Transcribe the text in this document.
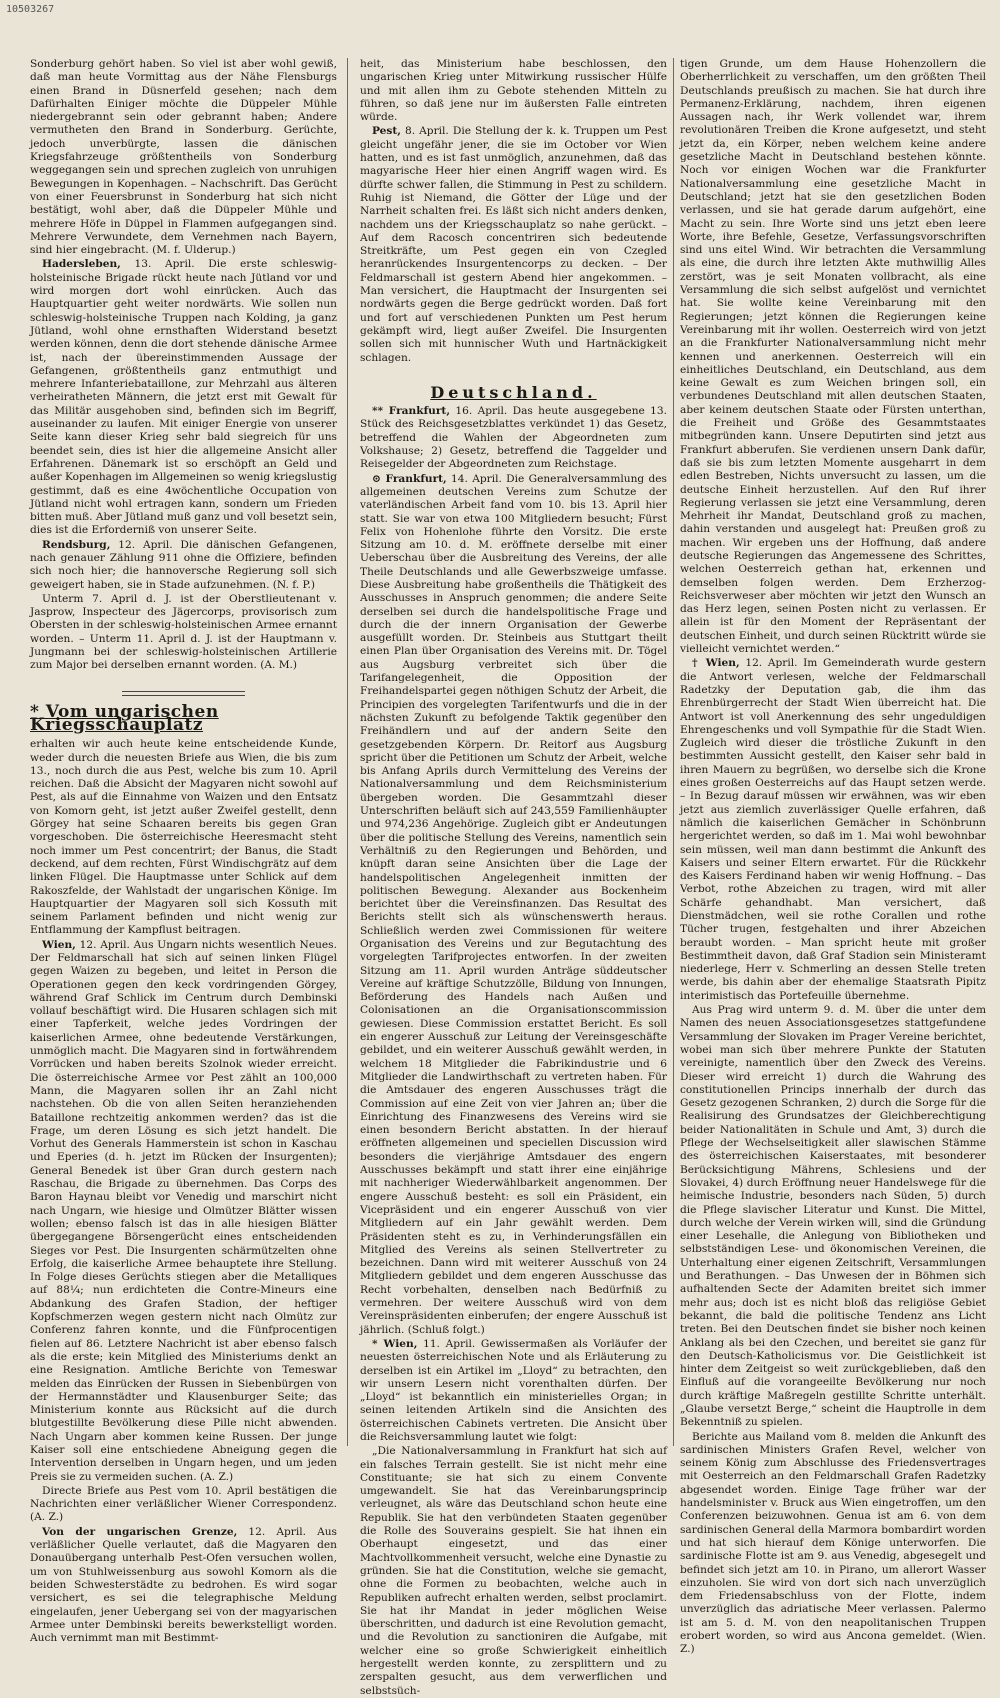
10503267

Sonderburg gehört haben. So viel ist aber wohl gewiß, daß man heute Vormittag aus der Nähe Flensburgs einen Brand in Düsnerfeld gesehen; nach dem Dafürhalten Einiger möchte die Düppeler Mühle niedergebrannt sein oder gebrannt haben; Andere vermutheten den Brand in Sonderburg. Gerüchte, jedoch unverbürgte, lassen die dänischen Kriegsfahrzeuge größtentheils von Sonderburg weggegangen sein und sprechen zugleich von unruhigen Bewegungen in Kopenhagen. – Nachschrift. Das Gerücht von einer Feuersbrunst in Sonderburg hat sich nicht bestätigt, wohl aber, daß die Düppeler Mühle und mehrere Höfe in Düppel in Flammen aufgegangen sind. Mehrere Verwundete, dem Vernehmen nach Bayern, sind hier eingebracht. (M. f. Ulderup.)

Hadersleben, 13. April. Die erste schleswig-holsteinische Brigade rückt heute nach Jütland vor und wird morgen dort wohl einrücken. Auch das Hauptquartier geht weiter nordwärts. Wie sollen nun schleswig-holsteinische Truppen nach Kolding, ja ganz Jütland, wohl ohne ernsthaften Widerstand besetzt werden können, denn die dort stehende dänische Armee ist, nach der übereinstimmenden Aussage der Gefangenen, größtentheils ganz entmuthigt und mehrere Infanteriebataillone, zur Mehrzahl aus älteren verheiratheten Männern, die jetzt erst mit Gewalt für das Militär ausgehoben sind, befinden sich im Begriff, auseinander zu laufen. Mit einiger Energie von unserer Seite kann dieser Krieg sehr bald siegreich für uns beendet sein, dies ist hier die allgemeine Ansicht aller Erfahrenen. Dänemark ist so erschöpft an Geld und außer Kopenhagen im Allgemeinen so wenig kriegslustig gestimmt, daß es eine 4wöchentliche Occupation von Jütland nicht wohl ertragen kann, sondern um Frieden bitten muß. Aber Jütland muß ganz und voll besetzt sein, dies ist die Erforderniß von unserer Seite.

Rendsburg, 12. April. Die dänischen Gefangenen, nach genauer Zählung 911 ohne die Offiziere, befinden sich noch hier; die hannoversche Regierung soll sich geweigert haben, sie in Stade aufzunehmen. (N. f. P.)

Unterm 7. April d. J. ist der Oberstlieutenant v. Jasprow, Inspecteur des Jägercorps, provisorisch zum Obersten in der schleswig-holsteinischen Armee ernannt worden. – Unterm 11. April d. J. ist der Hauptmann v. Jungmann bei der schleswig-holsteinischen Artillerie zum Major bei derselben ernannt worden. (A. M.)

* Vom ungarischen Kriegsschauplatz

erhalten wir auch heute keine entscheidende Kunde, weder durch die neuesten Briefe aus Wien, die bis zum 13., noch durch die aus Pest, welche bis zum 10. April reichen. Daß die Absicht der Magyaren nicht sowohl auf Pest, als auf die Einnahme von Waizen und den Entsatz von Komorn geht, ist jetzt außer Zweifel gestellt, denn Görgey hat seine Schaaren bereits bis gegen Gran vorgeschoben. Die österreichische Heeresmacht steht noch immer um Pest concentrirt; der Banus, die Stadt deckend, auf dem rechten, Fürst Windischgrätz auf dem linken Flügel. Die Hauptmasse unter Schlick auf dem Rakoszfelde, der Wahlstadt der ungarischen Könige. Im Hauptquartier der Magyaren soll sich Kossuth mit seinem Parlament befinden und nicht wenig zur Entflammung der Kampflust beitragen.

Wien, 12. April. Aus Ungarn nichts wesentlich Neues. Der Feldmarschall hat sich auf seinen linken Flügel gegen Waizen zu begeben, und leitet in Person die Operationen gegen den keck vordringenden Görgey, während Graf Schlick im Centrum durch Dembinski vollauf beschäftigt wird. Die Husaren schlagen sich mit einer Tapferkeit, welche jedes Vordringen der kaiserlichen Armee, ohne bedeutende Verstärkungen, unmöglich macht. Die Magyaren sind in fortwährendem Vorrücken und haben bereits Szolnok wieder erreicht. Die österreichische Armee vor Pest zählt an 100,000 Mann, die Magyaren sollen ihr an Zahl nicht nachstehen. Ob die von allen Seiten heranziehenden Bataillone rechtzeitig ankommen werden? das ist die Frage, um deren Lösung es sich jetzt handelt. Die Vorhut des Generals Hammerstein ist schon in Kaschau und Eperies (d. h. jetzt im Rücken der Insurgenten); General Benedek ist über Gran durch gestern nach Raschau, die Brigade zu übernehmen. Das Corps des Baron Haynau bleibt vor Venedig und marschirt nicht nach Ungarn, wie hiesige und Olmützer Blätter wissen wollen; ebenso falsch ist das in alle hiesigen Blätter übergegangene Börsengerücht eines entscheidenden Sieges vor Pest. Die Insurgenten schärmützelten ohne Erfolg, die kaiserliche Armee behauptete ihre Stellung. In Folge dieses Gerüchts stiegen aber die Metalliques auf 88¼; nun erdichteten die Contre-Mineurs eine Abdankung des Grafen Stadion, der heftiger Kopfschmerzen wegen gestern nicht nach Olmütz zur Conferenz fahren konnte, und die Fünfprocentigen fielen auf 86. Letztere Nachricht ist aber ebenso falsch als die erste; kein Mitglied des Ministeriums denkt an eine Resignation. Amtliche Berichte von Temeswar melden das Einrücken der Russen in Siebenbürgen von der Hermannstädter und Klausenburger Seite; das Ministerium konnte aus Rücksicht auf die durch blutgestillte Bevölkerung diese Pille nicht abwenden. Nach Ungarn aber kommen keine Russen. Der junge Kaiser soll eine entschiedene Abneigung gegen die Intervention derselben in Ungarn hegen, und um jeden Preis sie zu vermeiden suchen. (A. Z.)

Directe Briefe aus Pest vom 10. April bestätigen die Nachrichten einer verläßlicher Wiener Correspondenz. (A. Z.)

Von der ungarischen Grenze, 12. April. Aus verläßlicher Quelle verlautet, daß die Magyaren den Donauübergang unterhalb Pest-Ofen versuchen wollen, um von Stuhlweissenburg aus sowohl Komorn als die beiden Schwesterstädte zu bedrohen. Es wird sogar versichert, es sei die telegraphische Meldung eingelaufen, jener Uebergang sei von der magyarischen Armee unter Dembinski bereits bewerkstelligt worden. Auch vernimmt man mit Bestimmt-

heit, das Ministerium habe beschlossen, den ungarischen Krieg unter Mitwirkung russischer Hülfe und mit allen ihm zu Gebote stehenden Mitteln zu führen, so daß jene nur im äußersten Falle eintreten würde.

Pest, 8. April. Die Stellung der k. k. Truppen um Pest gleicht ungefähr jener, die sie im October vor Wien hatten, und es ist fast unmöglich, anzunehmen, daß das magyarische Heer hier einen Angriff wagen wird. Es dürfte schwer fallen, die Stimmung in Pest zu schildern. Ruhig ist Niemand, die Götter der Lüge und der Narrheit schalten frei. Es läßt sich nicht anders denken, nachdem uns der Kriegsschauplatz so nahe gerückt. – Auf dem Racosch concentriren sich bedeutende Streitkräfte, um Pest gegen ein von Czegled heranrückendes Insurgentencorps zu decken. – Der Feldmarschall ist gestern Abend hier angekommen. – Man versichert, die Hauptmacht der Insurgenten sei nordwärts gegen die Berge gedrückt worden. Daß fort und fort auf verschiedenen Punkten um Pest herum gekämpft wird, liegt außer Zweifel. Die Insurgenten sollen sich mit hunnischer Wuth und Hartnäckigkeit schlagen.

Deutschland.

** Frankfurt, 16. April. Das heute ausgegebene 13. Stück des Reichsgesetzblattes verkündet 1) das Gesetz, betreffend die Wahlen der Abgeordneten zum Volkshause; 2) Gesetz, betreffend die Taggelder und Reisegelder der Abgeordneten zum Reichstage.

⊙ Frankfurt, 14. April. Die Generalversammlung des allgemeinen deutschen Vereins zum Schutze der vaterländischen Arbeit fand vom 10. bis 13. April hier statt. Sie war von etwa 100 Mitgliedern besucht; Fürst Felix von Hohenlohe führte den Vorsitz. Die erste Sitzung am 10. d. M. eröffnete derselbe mit einer Ueberschau über die Ausbreitung des Vereins, der alle Theile Deutschlands und alle Gewerbszweige umfasse. Diese Ausbreitung habe großentheils die Thätigkeit des Ausschusses in Anspruch genommen; die andere Seite derselben sei durch die handelspolitische Frage und durch die der innern Organisation der Gewerbe ausgefüllt worden. Dr. Steinbeis aus Stuttgart theilt einen Plan über Organisation des Vereins mit. Dr. Tögel aus Augsburg verbreitet sich über die Tarifangelegenheit, die Opposition der Freihandelspartei gegen nöthigen Schutz der Arbeit, die Principien des vorgelegten Tarifentwurfs und die in der nächsten Zukunft zu befolgende Taktik gegenüber den Freihändlern und auf der andern Seite den gesetzgebenden Körpern. Dr. Reitorf aus Augsburg spricht über die Petitionen um Schutz der Arbeit, welche bis Anfang Aprils durch Vermittelung des Vereins der Nationalversammlung und dem Reichsministerium übergeben worden. Die Gesammtzahl dieser Unterschriften beläuft sich auf 243,559 Familienhäupter und 974,236 Angehörige. Zugleich gibt er Andeutungen über die politische Stellung des Vereins, namentlich sein Verhältniß zu den Regierungen und Behörden, und knüpft daran seine Ansichten über die Lage der handelspolitischen Angelegenheit inmitten der politischen Bewegung. Alexander aus Bockenheim berichtet über die Vereinsfinanzen. Das Resultat des Berichts stellt sich als wünschenswerth heraus. Schließlich werden zwei Commissionen für weitere Organisation des Vereins und zur Begutachtung des vorgelegten Tarifprojectes entworfen. In der zweiten Sitzung am 11. April wurden Anträge süddeutscher Vereine auf kräftige Schutzzölle, Bildung von Innungen, Beförderung des Handels nach Außen und Colonisationen an die Organisationscommission gewiesen. Diese Commission erstattet Bericht. Es soll ein engerer Ausschuß zur Leitung der Vereinsgeschäfte gebildet, und ein weiterer Ausschuß gewählt werden, in welchem 18 Mitglieder die Fabrikindustrie und 6 Mitglieder die Landwirthschaft zu vertreten haben. Für die Amtsdauer des engeren Ausschusses trägt die Commission auf eine Zeit von vier Jahren an; über die Einrichtung des Finanzwesens des Vereins wird sie einen besondern Bericht abstatten. In der hierauf eröffneten allgemeinen und speciellen Discussion wird besonders die vierjährige Amtsdauer des engern Ausschusses bekämpft und statt ihrer eine einjährige mit nachheriger Wiederwählbarkeit angenommen. Der engere Ausschuß besteht: es soll ein Präsident, ein Vicepräsident und ein engerer Ausschuß von vier Mitgliedern auf ein Jahr gewählt werden. Dem Präsidenten steht es zu, in Verhinderungsfällen ein Mitglied des Vereins als seinen Stellvertreter zu bezeichnen. Dann wird mit weiterer Ausschuß von 24 Mitgliedern gebildet und dem engeren Ausschusse das Recht vorbehalten, denselben nach Bedürfniß zu vermehren. Der weitere Ausschuß wird von dem Vereinspräsidenten einberufen; der engere Ausschuß ist jährlich. (Schluß folgt.)

* Wien, 11. April. Gewissermaßen als Vorläufer der neuesten österreichischen Note und als Erläuterung zu derselben ist ein Artikel im „Lloyd“ zu betrachten, den wir unsern Lesern nicht vorenthalten dürfen. Der „Lloyd“ ist bekanntlich ein ministerielles Organ; in seinen leitenden Artikeln sind die Ansichten des österreichischen Cabinets vertreten. Die Ansicht über die Reichsversammlung lautet wie folgt:

„Die Nationalversammlung in Frankfurt hat sich auf ein falsches Terrain gestellt. Sie ist nicht mehr eine Constituante; sie hat sich zu einem Convente umgewandelt. Sie hat das Vereinbarungsprincip verleugnet, als wäre das Deutschland schon heute eine Republik. Sie hat den verbündeten Staaten gegenüber die Rolle des Souverains gespielt. Sie hat ihnen ein Oberhaupt eingesetzt, und das einer Machtvollkommenheit versucht, welche eine Dynastie zu gründen. Sie hat die Constitution, welche sie gemacht, ohne die Formen zu beobachten, welche auch in Republiken aufrecht erhalten werden, selbst proclamirt. Sie hat ihr Mandat in jeder möglichen Weise überschritten, und dadurch ist eine Revolution gemacht, und die Revolution zu sanctioniren die Aufgabe, mit welcher eine so große Schwierigkeit einheitlich hergestellt werden konnte, zu zersplittern und zu zerspalten gesucht, aus dem verwerflichen und selbstsüch-

tigen Grunde, um dem Hause Hohenzollern die Oberherrlichkeit zu verschaffen, um den größten Theil Deutschlands preußisch zu machen. Sie hat durch ihre Permanenz-Erklärung, nachdem, ihren eigenen Aussagen nach, ihr Werk vollendet war, ihrem revolutionären Treiben die Krone aufgesetzt, und steht jetzt da, ein Körper, neben welchem keine andere gesetzliche Macht in Deutschland bestehen könnte. Noch vor einigen Wochen war die Frankfurter Nationalversammlung eine gesetzliche Macht in Deutschland; jetzt hat sie den gesetzlichen Boden verlassen, und sie hat gerade darum aufgehört, eine Macht zu sein. Ihre Worte sind uns jetzt eben leere Worte, ihre Befehle, Gesetze, Verfassungsvorschriften sind uns eitel Wind. Wir betrachten die Versammlung als eine, die durch ihre letzten Akte muthwillig Alles zerstört, was je seit Monaten vollbracht, als eine Versammlung die sich selbst aufgelöst und vernichtet hat. Sie wollte keine Vereinbarung mit den Regierungen; jetzt können die Regierungen keine Vereinbarung mit ihr wollen. Oesterreich wird von jetzt an die Frankfurter Nationalversammlung nicht mehr kennen und anerkennen. Oesterreich will ein einheitliches Deutschland, ein Deutschland, aus dem keine Gewalt es zum Weichen bringen soll, ein verbundenes Deutschland mit allen deutschen Staaten, aber keinem deutschen Staate oder Fürsten unterthan, die Freiheit und Größe des Gesammtstaates mitbegründen kann. Unsere Deputirten sind jetzt aus Frankfurt abberufen. Sie verdienen unsern Dank dafür, daß sie bis zum letzten Momente ausgeharrt in dem edlen Bestreben, Nichts unversucht zu lassen, um die deutsche Einheit herzustellen. Auf den Ruf ihrer Regierung verlassen sie jetzt eine Versammlung, deren Mehrheit ihr Mandat, Deutschland groß zu machen, dahin verstanden und ausgelegt hat: Preußen groß zu machen. Wir ergeben uns der Hoffnung, daß andere deutsche Regierungen das Angemessene des Schrittes, welchen Oesterreich gethan hat, erkennen und demselben folgen werden. Dem Erzherzog-Reichsverweser aber möchten wir jetzt den Wunsch an das Herz legen, seinen Posten nicht zu verlassen. Er allein ist für den Moment der Repräsentant der deutschen Einheit, und durch seinen Rücktritt würde sie vielleicht vernichtet werden.“

† Wien, 12. April. Im Gemeinderath wurde gestern die Antwort verlesen, welche der Feldmarschall Radetzky der Deputation gab, die ihm das Ehrenbürgerrecht der Stadt Wien überreicht hat. Die Antwort ist voll Anerkennung des sehr ungeduldigen Ehrengeschenks und voll Sympathie für die Stadt Wien. Zugleich wird dieser die tröstliche Zukunft in den bestimmten Aussicht gestellt, den Kaiser sehr bald in ihren Mauern zu begrüßen, wo derselbe sich die Krone eines großen Oesterreichs auf das Haupt setzen werde. – In Bezug darauf müssen wir erwähnen, was wir eben jetzt aus ziemlich zuverlässiger Quelle erfahren, daß nämlich die kaiserlichen Gemächer in Schönbrunn hergerichtet werden, so daß im 1. Mai wohl bewohnbar sein müssen, weil man dann bestimmt die Ankunft des Kaisers und seiner Eltern erwartet. Für die Rückkehr des Kaisers Ferdinand haben wir wenig Hoffnung. – Das Verbot, rothe Abzeichen zu tragen, wird mit aller Schärfe gehandhabt. Man versichert, daß Dienstmädchen, weil sie rothe Corallen und rothe Tücher trugen, festgehalten und ihrer Abzeichen beraubt worden. – Man spricht heute mit großer Bestimmtheit davon, daß Graf Stadion sein Ministeramt niederlege, Herr v. Schmerling an dessen Stelle treten werde, bis dahin aber der ehemalige Staatsrath Pipitz interimistisch das Portefeuille übernehme.

Aus Prag wird unterm 9. d. M. über die unter dem Namen des neuen Associationsgesetzes stattgefundene Versammlung der Slovaken im Prager Vereine berichtet, wobei man sich über mehrere Punkte der Statuten vereinigte, namentlich über den Zweck des Vereins. Dieser wird erreicht 1) durch die Wahrung des constitutionellen Princips innerhalb der durch das Gesetz gezogenen Schranken, 2) durch die Sorge für die Realisirung des Grundsatzes der Gleichberechtigung beider Nationalitäten in Schule und Amt, 3) durch die Pflege der Wechselseitigkeit aller slawischen Stämme des österreichischen Kaiserstaates, mit besonderer Berücksichtigung Mährens, Schlesiens und der Slovakei, 4) durch Eröffnung neuer Handelswege für die heimische Industrie, besonders nach Süden, 5) durch die Pflege slavischer Literatur und Kunst. Die Mittel, durch welche der Verein wirken will, sind die Gründung einer Lesehalle, die Anlegung von Bibliotheken und selbstständigen Lese- und ökonomischen Vereinen, die Unterhaltung einer eigenen Zeitschrift, Versammlungen und Berathungen. – Das Unwesen der in Böhmen sich aufhaltenden Secte der Adamiten breitet sich immer mehr aus; doch ist es nicht bloß das religiöse Gebiet bekannt, die bald die politische Tendenz ans Licht treten. Bei den Deutschen findet sie bisher noch keinen Anklang als bei den Czechen, und bereitet sie ganz für den Deutsch-Katholicismus vor. Die Geistlichkeit ist hinter dem Zeitgeist so weit zurückgeblieben, daß den Einfluß auf die vorangeeilte Bevölkerung nur noch durch kräftige Maßregeln gestillte Schritte unterhält. „Glaube versetzt Berge,“ scheint die Hauptrolle in dem Bekenntniß zu spielen.

Berichte aus Mailand vom 8. melden die Ankunft des sardinischen Ministers Grafen Revel, welcher von seinem König zum Abschlusse des Friedensvertrages mit Oesterreich an den Feldmarschall Grafen Radetzky abgesendet worden. Einige Tage früher war der handelsminister v. Bruck aus Wien eingetroffen, um den Conferenzen beizuwohnen. Genua ist am 6. von dem sardinischen General della Marmora bombardirt worden und hat sich hierauf dem Könige unterworfen. Die sardinische Flotte ist am 9. aus Venedig, abgesegelt und befindet sich jetzt am 10. in Pirano, um allerort Wasser einzuholen. Sie wird von dort sich nach unverzüglich dem Friedensabschluss von der Flotte, indem unverzüglich das adriatische Meer verlassen. Palermo ist am 5. d. M. von den neapolitanischen Truppen erobert worden, so wird aus Ancona gemeldet. (Wien. Z.)
